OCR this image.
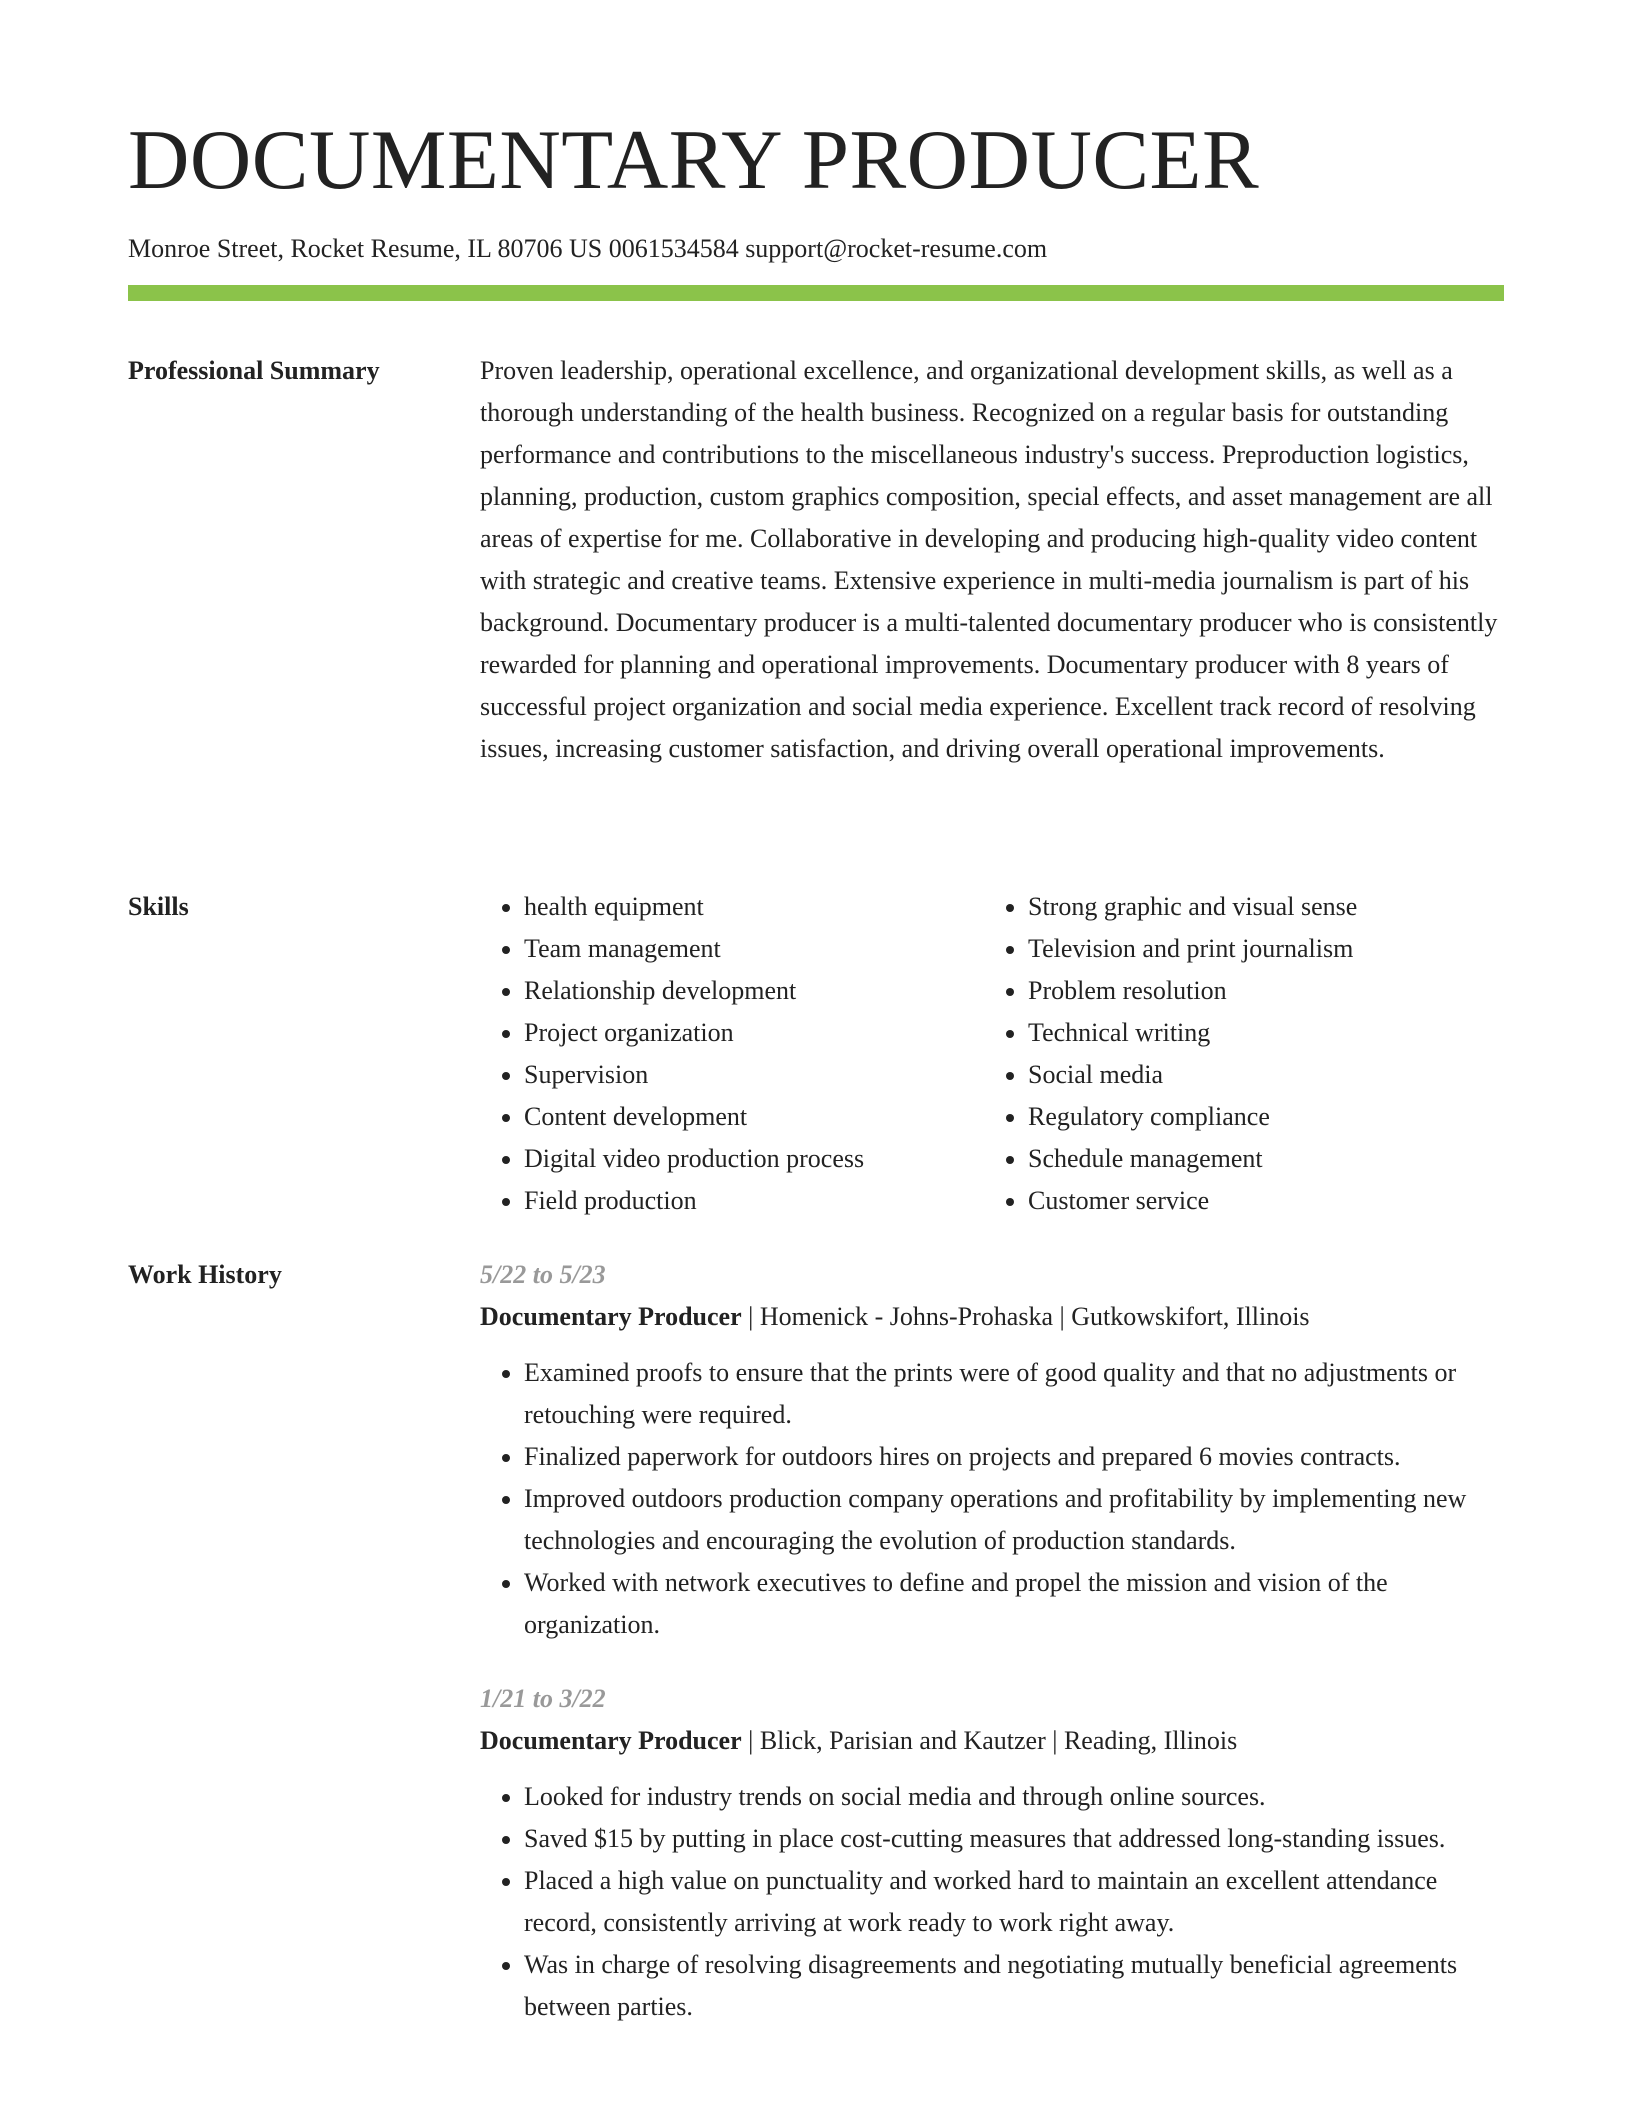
DOCUMENTARY PRODUCER
Monroe Street, Rocket Resume, IL 80706 US 0061534584 support@rocket-resume.com
Professional Summary	Proven leadership, operational excellence, and organizational development skills, as well as a thorough understanding of the health business. Recognized on a regular basis for outstanding performance and contributions to the miscellaneous industry's success. Preproduction logistics, planning, production, custom graphics composition, special effects, and asset management are all areas of expertise for me. Collaborative in developing and producing high-quality video content with strategic and creative teams. Extensive experience in multi-media journalism is part of his background. Documentary producer is a multi-talented documentary producer who is consistently rewarded for planning and operational improvements. Documentary producer with 8 years of successful project organization and social media experience. Excellent track record of resolving issues, increasing customer satisfaction, and driving overall operational improvements.

Skills
•	health equipment
• Team management
• Relationship development
• Project organization
• Supervision
• Content development
• Digital video production process
• Field production
• Strong graphic and visual sense
• Television and print journalism
• Problem resolution
• Technical writing
• Social media
• Regulatory compliance
• Schedule management
• Customer service
Work History	5/22 to 5/23
Documentary Producer | Homenick - Johns-Prohaska | Gutkowskifort, Illinois
• Examined proofs to ensure that the prints were of good quality and that no adjustments or retouching were required.
• Finalized paperwork for outdoors hires on projects and prepared 6 movies contracts.
• Improved outdoors production company operations and profitability by implementing new technologies and encouraging the evolution of production standards.
• Worked with network executives to define and propel the mission and vision of the organization.
1/21 to 3/22
Documentary Producer | Blick, Parisian and Kautzer | Reading, Illinois
• Looked for industry trends on social media and through online sources.
• Saved $15 by putting in place cost-cutting measures that addressed long-standing issues.
• Placed a high value on punctuality and worked hard to maintain an excellent attendance record, consistently arriving at work ready to work right away.
• Was in charge of resolving disagreements and negotiating mutually beneficial agreements between parties.
